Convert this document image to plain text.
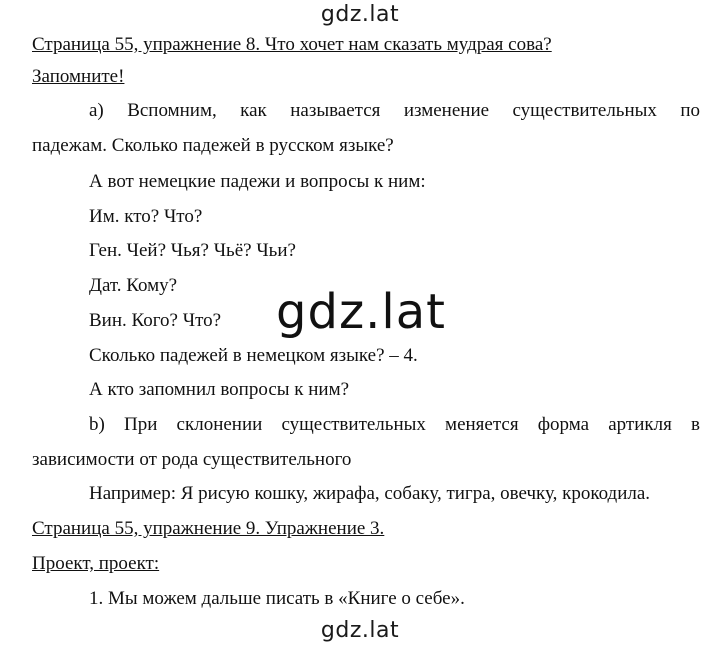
gdz.lat
Страница 55, упражнение 8. Что хочет нам сказать мудрая сова?
Запомните!
а) Вспомним, как называется изменение существительных по
падежам. Сколько падежей в русском языке?
А вот немецкие падежи и вопросы к ним:
Им. кто? Что?
Ген. Чей? Чья? Чьё? Чьи?
Дат. Кому?
Вин. Кого? Что? gdz.lat
Сколько падежей в немецком языке? – 4.
А кто запомнил вопросы к ним?
b) При склонении существительных меняется форма артикля в
зависимости от рода существительного
Например: Я рисую кошку, жирафа, собаку, тигра, овечку, крокодила.
Страница 55, упражнение 9. Упражнение 3.
Проект, проект:
1. Мы можем дальше писать в «Книге о себе».
gdz.lat
